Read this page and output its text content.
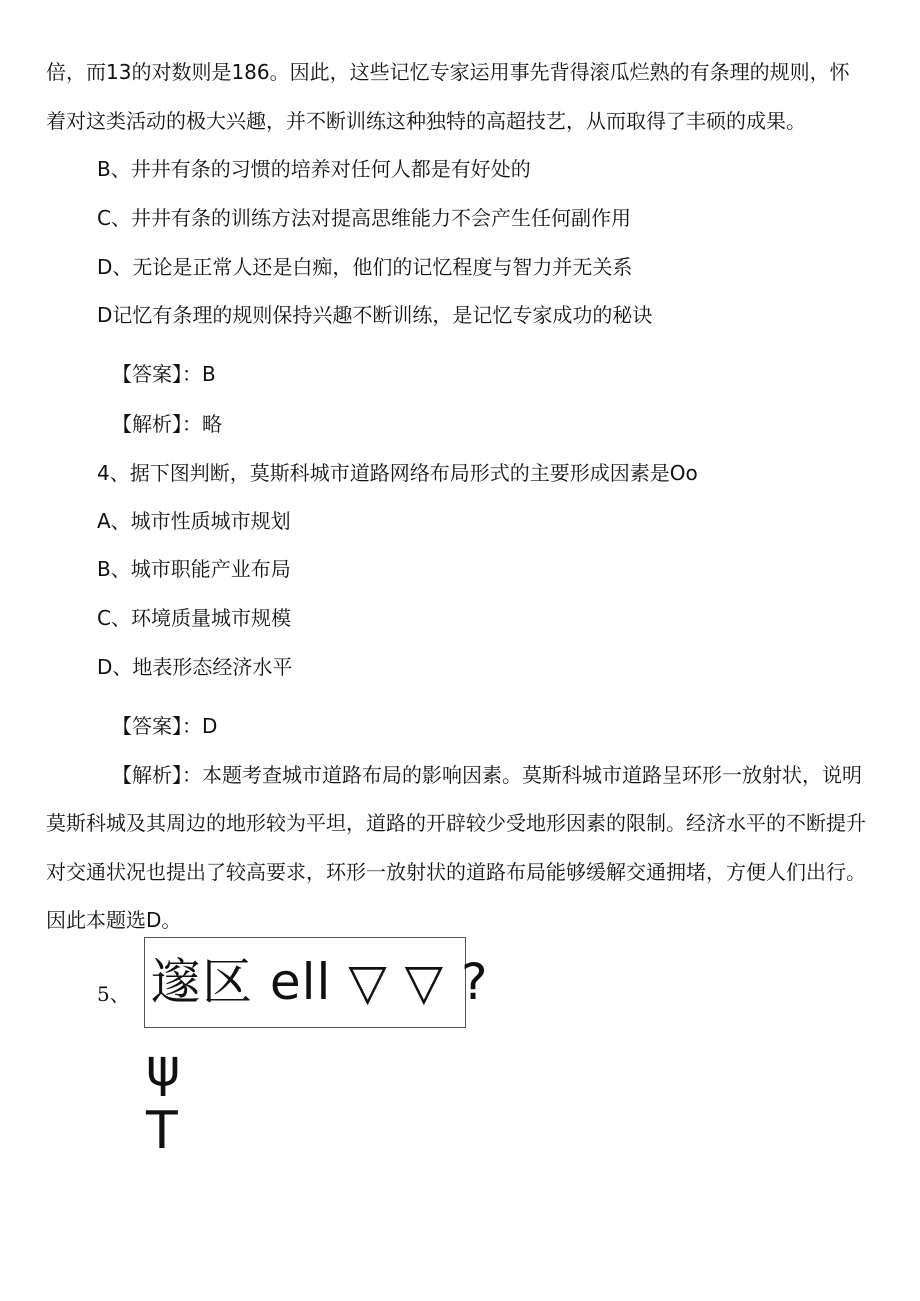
倍，而13的对数则是186。因此，这些记忆专家运用事先背得滚瓜烂熟的有条理的规则，怀
着对这类活动的极大兴趣，并不断训练这种独特的高超技艺，从而取得了丰硕的成果。
B、井井有条的习惯的培养对任何人都是有好处的
C、井井有条的训练方法对提高思维能力不会产生任何副作用
D、无论是正常人还是白痴，他们的记忆程度与智力并无关系
D记忆有条理的规则保持兴趣不断训练，是记忆专家成功的秘诀
【答案】：B
【解析】：略
4、据下图判断，莫斯科城市道路网络布局形式的主要形成因素是Oo
A、城市性质城市规划
B、城市职能产业布局
C、环境质量城市规模
D、地表形态经济水平
【答案】：D
【解析】：本题考查城市道路布局的影响因素。莫斯科城市道路呈环形一放射状，说明
莫斯科城及其周边的地形较为平坦，道路的开辟较少受地形因素的限制。经济水平的不断提升
对交通状况也提出了较高要求，环形一放射状的道路布局能够缓解交通拥堵，方便人们出行。
因此本题选D。
5、 邃区 ell ▽ ▽ ?
ψ
T
